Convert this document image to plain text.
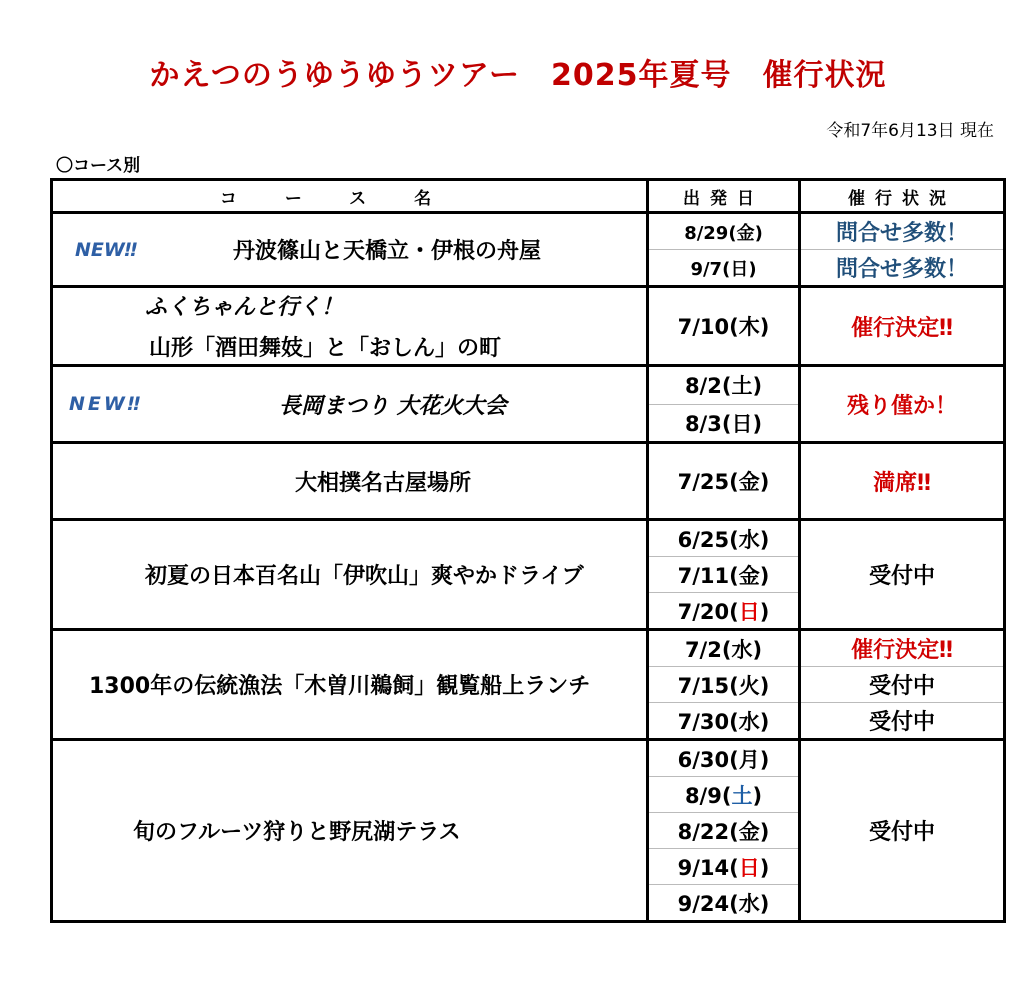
かえつのうゆうゆうツアー　2025年夏号　催行状況
令和7年6月13日 現在
〇コース別
コース名	出発日	催行状況

NEW‼ 丹波篠山と天橋立・伊根の舟屋	8/29(金)	問合せ多数！
	9/7(日)	問合せ多数！

ふくちゃんと行く！
山形「酒田舞妓」と「おしん」の町	7/10(木)	催行決定‼

NEW‼ 長岡まつり 大花火大会	8/2(土)	残り僅か！
	8/3(日)	

大相撲名古屋場所	7/25(金)	満席‼

初夏の日本百名山「伊吹山」爽やかドライブ	6/25(水)	受付中
	7/11(金)	
	7/20(日)	

1300年の伝統漁法「木曽川鵜飼」観覧船上ランチ	7/2(水)	催行決定‼
	7/15(火)	受付中
	7/30(水)	受付中

旬のフルーツ狩りと野尻湖テラス	6/30(月)	受付中
	8/9(土)	
	8/22(金)	
	9/14(日)	
	9/24(水)	
